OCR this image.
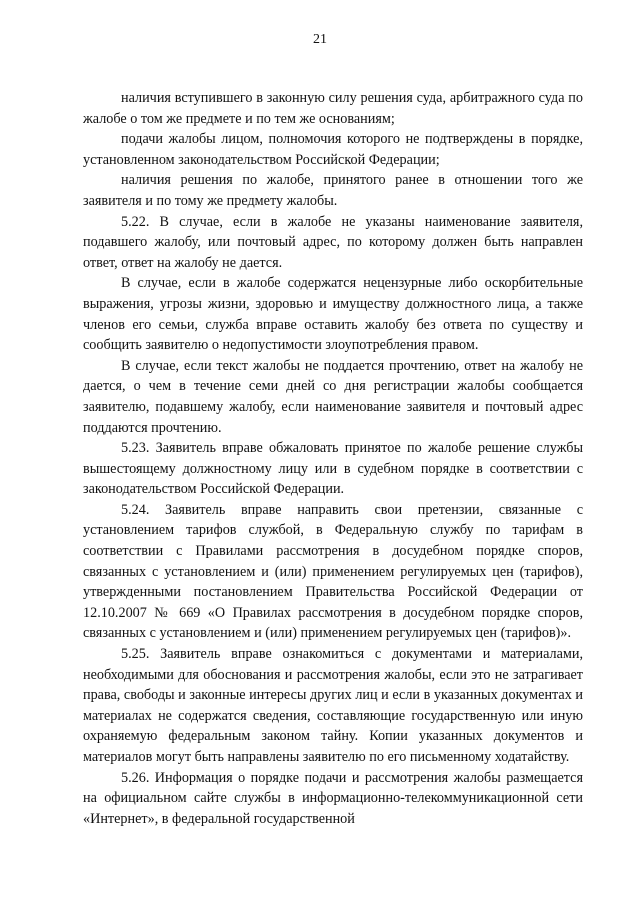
21

наличия вступившего в законную силу решения суда, арбитражного суда по жалобе о том же предмете и по тем же основаниям;

подачи жалобы лицом, полномочия которого не подтверждены в порядке, установленном законодательством Российской Федерации;

наличия решения по жалобе, принятого ранее в отношении того же заявителя и по тому же предмету жалобы.

5.22. В случае, если в жалобе не указаны наименование заявителя, подавшего жалобу, или почтовый адрес, по которому должен быть направлен ответ, ответ на жалобу не дается.

В случае, если в жалобе содержатся нецензурные либо оскорбительные выражения, угрозы жизни, здоровью и имуществу должностного лица, а также членов его семьи, служба вправе оставить жалобу без ответа по существу и сообщить заявителю о недопустимости злоупотребления правом.

В случае, если текст жалобы не поддается прочтению, ответ на жалобу не дается, о чем в течение семи дней со дня регистрации жалобы сообщается заявителю, подавшему жалобу, если наименование заявителя и почтовый адрес поддаются прочтению.

5.23. Заявитель вправе обжаловать принятое по жалобе решение службы вышестоящему должностному лицу или в судебном порядке в соответствии с законодательством Российской Федерации.

5.24. Заявитель вправе направить свои претензии, связанные с установлением тарифов службой, в Федеральную службу по тарифам в соответствии с Правилами рассмотрения в досудебном порядке споров, связанных с установлением и (или) применением регулируемых цен (тарифов), утвержденными постановлением Правительства Российской Федерации от 12.10.2007 № 669 «О Правилах рассмотрения в досудебном порядке споров, связанных с установлением и (или) применением регулируемых цен (тарифов)».

5.25. Заявитель вправе ознакомиться с документами и материалами, необходимыми для обоснования и рассмотрения жалобы, если это не затрагивает права, свободы и законные интересы других лиц и если в указанных документах и материалах не содержатся сведения, составляющие государственную или иную охраняемую федеральным законом тайну. Копии указанных документов и материалов могут быть направлены заявителю по его письменному ходатайству.

5.26. Информация о порядке подачи и рассмотрения жалобы размещается на официальном сайте службы в информационно-телекоммуникационной сети «Интернет», в федеральной государственной
